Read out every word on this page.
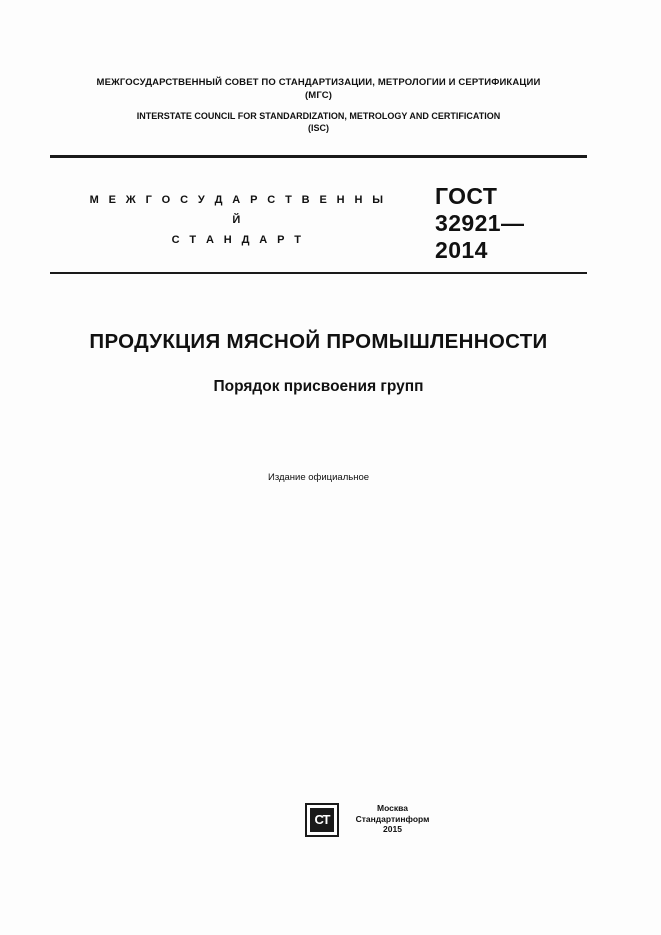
МЕЖГОСУДАРСТВЕННЫЙ СОВЕТ ПО СТАНДАРТИЗАЦИИ, МЕТРОЛОГИИ И СЕРТИФИКАЦИИ
(МГС)
INTERSTATE COUNCIL FOR STANDARDIZATION, METROLOGY AND CERTIFICATION
(ISC)
М Е Ж Г О С У Д А Р С Т В Е Н Н Ы Й
С Т А Н Д А Р Т
ГОСТ
32921—
2014
ПРОДУКЦИЯ МЯСНОЙ ПРОМЫШЛЕННОСТИ
Порядок присвоения групп
Издание официальное
СТ
Москва
Стандартинформ
2015
